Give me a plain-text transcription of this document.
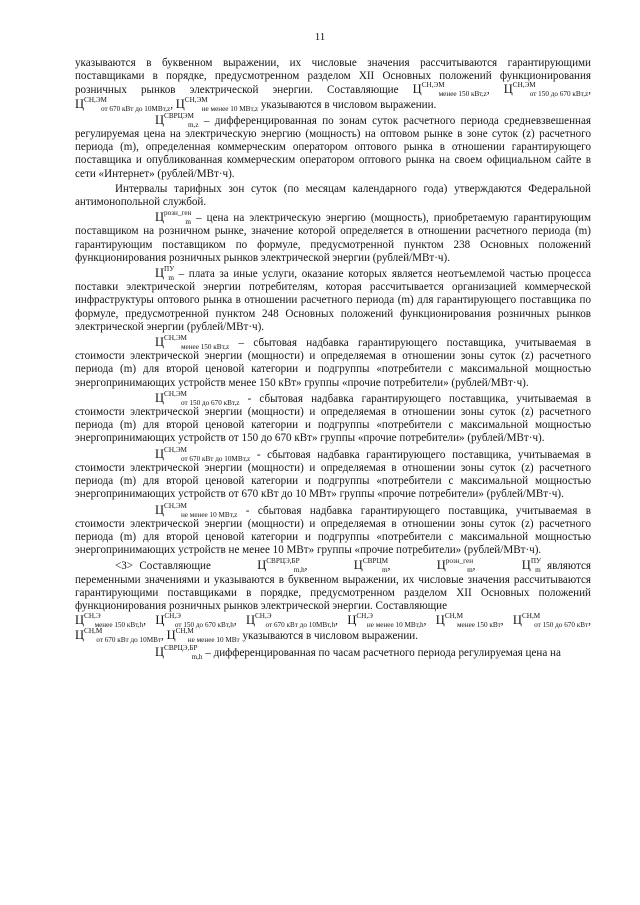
11

указываются в буквенном выражении, их числовые значения рассчитываются гарантирующими поставщиками в порядке, предусмотренном разделом XII Основных положений функционирования розничных рынков электрической энергии. Составляющие $Ц^{СН,ЭМ}_{менее 150 кВт,z}$, $Ц^{СН,ЭМ}_{от 150 до 670 кВт,z}$, $Ц^{СН,ЭМ}_{от 670 кВт до 10МВт,z}$, $Ц^{СН,ЭМ}_{не менее 10 МВт,z}$ указываются в числовом выражении.

$Ц^{СВРЦЭМ}_{m,z}$ – дифференцированная по зонам суток расчетного периода средневзвешенная регулируемая цена на электрическую энергию (мощность) на оптовом рынке в зоне суток (z) расчетного периода (m), определенная коммерческим оператором оптового рынка в отношении гарантирующего поставщика и опубликованная коммерческим оператором оптового рынка на своем официальном сайте в сети «Интернет» (рублей/МВт·ч).

Интервалы тарифных зон суток (по месяцам календарного года) утверждаются Федеральной антимонопольной службой.

$Ц^{розн\_ген}_m$ – цена на электрическую энергию (мощность), приобретаемую гарантирующим поставщиком на розничном рынке, значение которой определяется в отношении расчетного периода (m) гарантирующим поставщиком по формуле, предусмотренной пунктом 238 Основных положений функционирования розничных рынков электрической энергии (рублей/МВт·ч).

$Ц^{ПУ}_m$ – плата за иные услуги, оказание которых является неотъемлемой частью процесса поставки электрической энергии потребителям, которая рассчитывается организацией коммерческой инфраструктуры оптового рынка в отношении расчетного периода (m) для гарантирующего поставщика по формуле, предусмотренной пунктом 248 Основных положений функционирования розничных рынков электрической энергии (рублей/МВт·ч).

$Ц^{СН,ЭМ}_{менее 150 кВт,z}$ – сбытовая надбавка гарантирующего поставщика, учитываемая в стоимости электрической энергии (мощности) и определяемая в отношении зоны суток (z) расчетного периода (m) для второй ценовой категории и подгруппы «потребители с максимальной мощностью энергопринимающих устройств менее 150 кВт» группы «прочие потребители» (рублей/МВт·ч).

$Ц^{СН,ЭМ}_{от 150 до 670 кВт,z}$ - сбытовая надбавка гарантирующего поставщика, учитываемая в стоимости электрической энергии (мощности) и определяемая в отношении зоны суток (z) расчетного периода (m) для второй ценовой категории и подгруппы «потребители с максимальной мощностью энергопринимающих устройств от 150 до 670 кВт» группы «прочие потребители» (рублей/МВт·ч).

$Ц^{СН,ЭМ}_{от 670 кВт до 10МВт,z}$ - сбытовая надбавка гарантирующего поставщика, учитываемая в стоимости электрической энергии (мощности) и определяемая в отношении зоны суток (z) расчетного периода (m) для второй ценовой категории и подгруппы «потребители с максимальной мощностью энергопринимающих устройств от 670 кВт до 10 МВт» группы «прочие потребители» (рублей/МВт·ч).

$Ц^{СН,ЭМ}_{не менее 10 МВт,z}$ - сбытовая надбавка гарантирующего поставщика, учитываемая в стоимости электрической энергии (мощности) и определяемая в отношении зоны суток (z) расчетного периода (m) для второй ценовой категории и подгруппы «потребители с максимальной мощностью энергопринимающих устройств не менее 10 МВт» группы «прочие потребители» (рублей/МВт·ч).

<3> Составляющие	$Ц^{СВРЦЭ,БР}_{m,h}$,	$Ц^{СВРЦМ}_m$,	$Ц^{розн\_ген}_m$,	$Ц^{ПУ}_m$ являются переменными значениями и указываются в буквенном выражении, их числовые значения рассчитываются гарантирующими поставщиками в порядке, предусмотренном разделом XII Основных положений функционирования розничных рынков электрической энергии. Составляющие

$Ц^{СН,Э}_{менее 150 кВт,h}$, $Ц^{СН,Э}_{от 150 до 670 кВт,h}$, $Ц^{СН,Э}_{от 670 кВт до 10МВт,h}$, $Ц^{СН,Э}_{не менее 10 МВт,h}$, $Ц^{СН,М}_{менее 150 кВт}$, $Ц^{СН,М}_{от 150 до 670 кВт}$, $Ц^{СН,М}_{от 670 кВт до 10МВт}$, $Ц^{СН,М}_{не менее 10 МВт}$ указываются в числовом выражении.

$Ц^{СВРЦЭ,БР}_{m,h}$ – дифференцированная по часам расчетного периода регулируемая цена на
